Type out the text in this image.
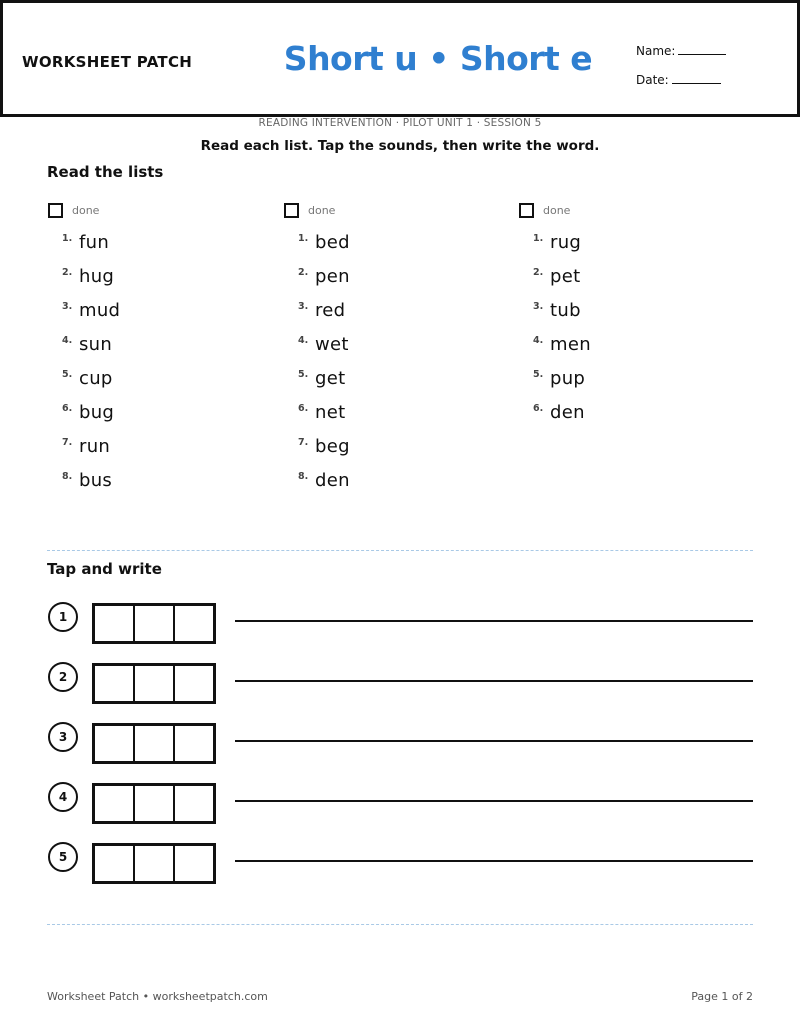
WORKSHEET PATCH	Short u • Short e	Name:
Date:
READING INTERVENTION · PILOT UNIT 1 · SESSION 5
Read each list. Tap the sounds, then write the word.
Read the lists
done
1. fun
2. hug
3. mud
4. sun
5. cup
6. bug
7. run
8. bus
done
1. bed
2. pen
3. red
4. wet
5. get
6. net
7. beg
8. den
done
1. rug
2. pet
3. tub
4. men
5. pup
6. den
Tap and write
1
2
3
4
5
Worksheet Patch • worksheetpatch.com	Page 1 of 2
